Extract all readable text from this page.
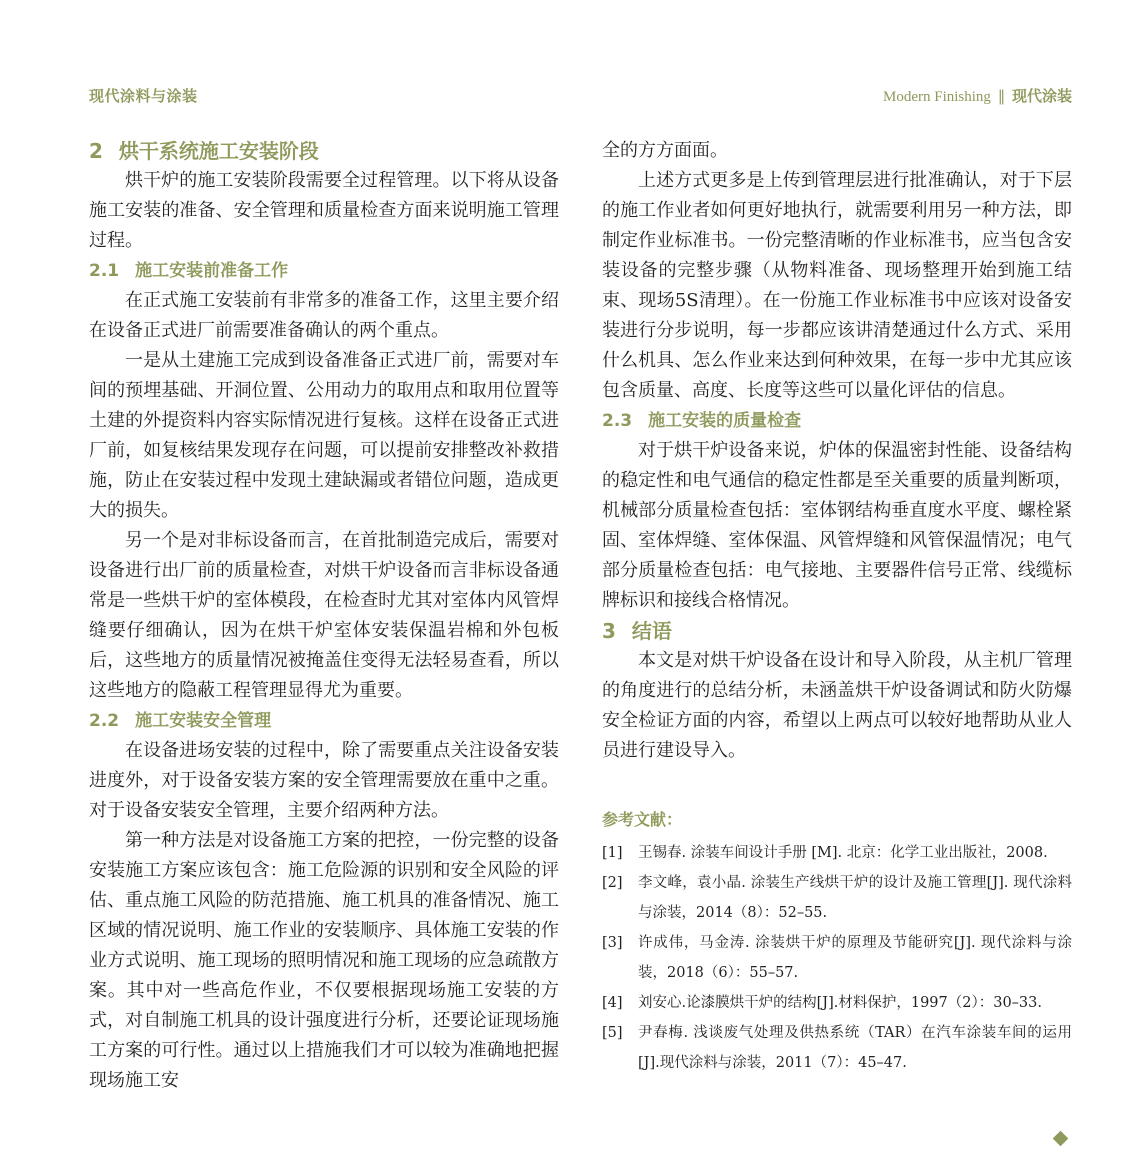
现代涂料与涂装	Modern Finishing ‖ 现代涂装
2 烘干系统施工安装阶段

烘干炉的施工安装阶段需要全过程管理。以下将从设备施工安装的准备、安全管理和质量检查方面来说明施工管理过程。

2.1 施工安装前准备工作

在正式施工安装前有非常多的准备工作，这里主要介绍在设备正式进厂前需要准备确认的两个重点。

一是从土建施工完成到设备准备正式进厂前，需要对车间的预埋基础、开洞位置、公用动力的取用点和取用位置等土建的外提资料内容实际情况进行复核。这样在设备正式进厂前，如复核结果发现存在问题，可以提前安排整改补救措施，防止在安装过程中发现土建缺漏或者错位问题，造成更大的损失。

另一个是对非标设备而言，在首批制造完成后，需要对设备进行出厂前的质量检查，对烘干炉设备而言非标设备通常是一些烘干炉的室体模段，在检查时尤其对室体内风管焊缝要仔细确认，因为在烘干炉室体安装保温岩棉和外包板后，这些地方的质量情况被掩盖住变得无法轻易查看，所以这些地方的隐蔽工程管理显得尤为重要。

2.2 施工安装安全管理

在设备进场安装的过程中，除了需要重点关注设备安装进度外，对于设备安装方案的安全管理需要放在重中之重。对于设备安装安全管理，主要介绍两种方法。

第一种方法是对设备施工方案的把控，一份完整的设备安装施工方案应该包含：施工危险源的识别和安全风险的评估、重点施工风险的防范措施、施工机具的准备情况、施工区域的情况说明、施工作业的安装顺序、具体施工安装的作业方式说明、施工现场的照明情况和施工现场的应急疏散方案。其中对一些高危作业，不仅要根据现场施工安装的方式，对自制施工机具的设计强度进行分析，还要论证现场施工方案的可行性。通过以上措施我们才可以较为准确地把握现场施工安

全的方方面面。

上述方式更多是上传到管理层进行批准确认，对于下层的施工作业者如何更好地执行，就需要利用另一种方法，即制定作业标准书。一份完整清晰的作业标准书，应当包含安装设备的完整步骤（从物料准备、现场整理开始到施工结束、现场5S清理）。在一份施工作业标准书中应该对设备安装进行分步说明，每一步都应该讲清楚通过什么方式、采用什么机具、怎么作业来达到何种效果，在每一步中尤其应该包含质量、高度、长度等这些可以量化评估的信息。

2.3 施工安装的质量检查

对于烘干炉设备来说，炉体的保温密封性能、设备结构的稳定性和电气通信的稳定性都是至关重要的质量判断项，机械部分质量检查包括：室体钢结构垂直度水平度、螺栓紧固、室体焊缝、室体保温、风管焊缝和风管保温情况；电气部分质量检查包括：电气接地、主要器件信号正常、线缆标牌标识和接线合格情况。

3 结语

本文是对烘干炉设备在设计和导入阶段，从主机厂管理的角度进行的总结分析，未涵盖烘干炉设备调试和防火防爆安全检证方面的内容，希望以上两点可以较好地帮助从业人员进行建设导入。

参考文献：
[1]	王锡春. 涂装车间设计手册 [M]. 北京：化学工业出版社，2008.
[2]	李文峰，袁小晶. 涂装生产线烘干炉的设计及施工管理[J]. 现代涂料与涂装，2014（8）：52–55.
[3]	许成伟，马金涛. 涂装烘干炉的原理及节能研究[J]. 现代涂料与涂装，2018（6）：55–57.
[4]	刘安心.论漆膜烘干炉的结构[J].材料保护，1997（2）：30–33.
[5]	尹春梅. 浅谈废气处理及供热系统（TAR）在汽车涂装车间的运用[J].现代涂料与涂装，2011（7）：45–47.
